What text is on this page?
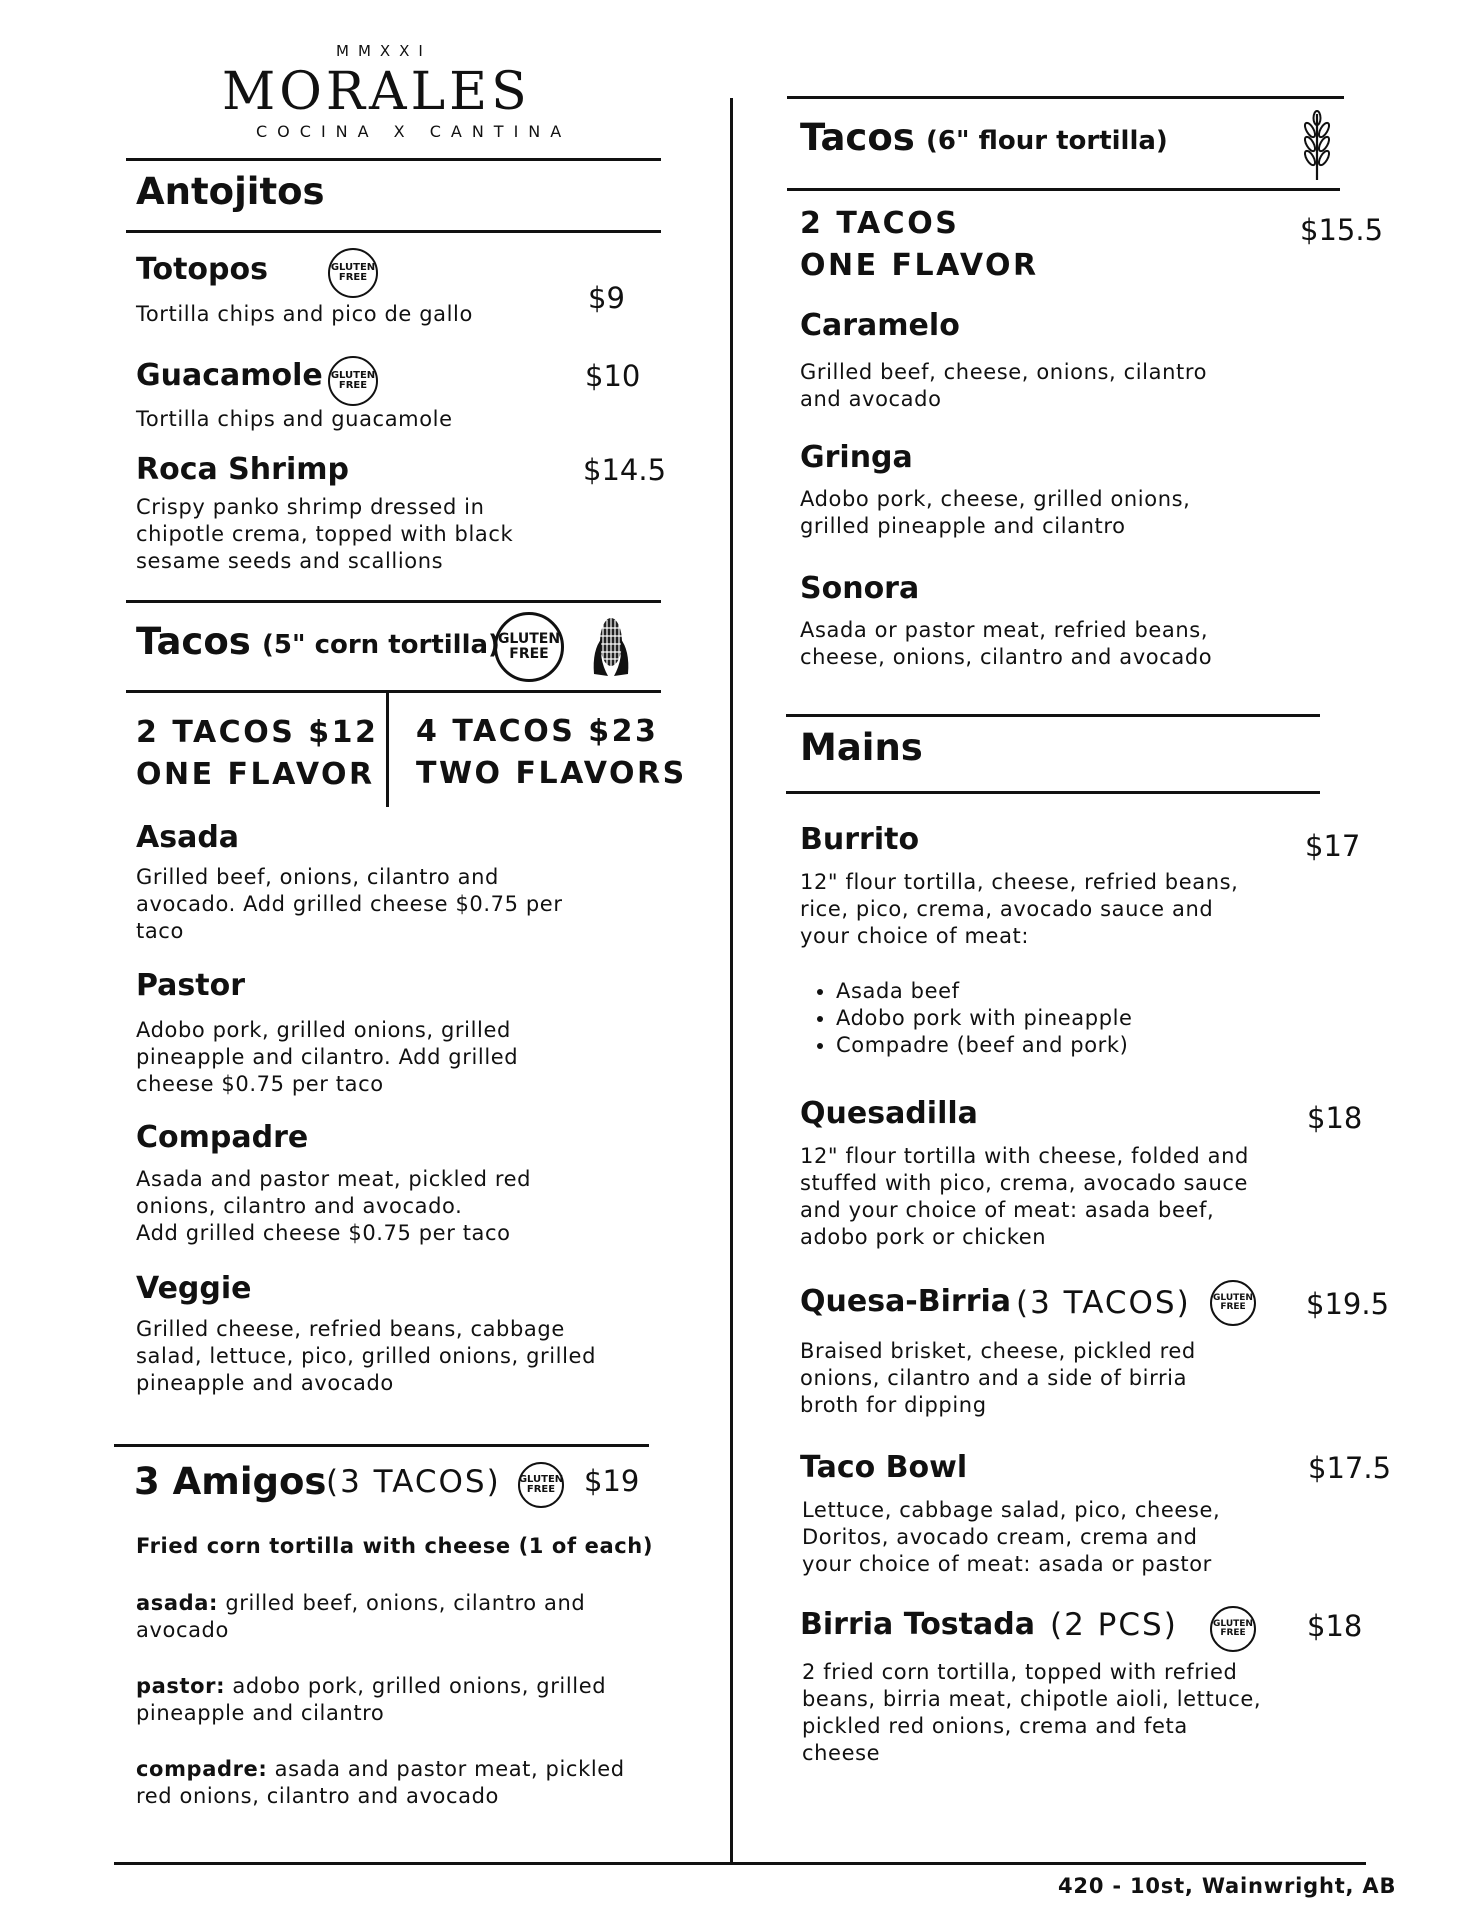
MMXXI
MORALES
COCINA X CANTINA
Antojitos
Totopos	GLUTEN FREE
$9
Tortilla chips and pico de gallo
Guacamole GLUTEN FREE	$10
Tortilla chips and guacamole
Roca Shrimp	$14.5
Crispy panko shrimp dressed in chipotle crema, topped with black sesame seeds and scallions
Tacos (5" corn tortilla)
GLUTEN FREE
2 TACOS $12
ONE FLAVOR
4 TACOS $23
TWO FLAVORS
Asada
Grilled beef, onions, cilantro and avocado. Add grilled cheese $0.75 per taco
Pastor
Adobo pork, grilled onions, grilled pineapple and cilantro. Add grilled cheese $0.75 per taco
Compadre
Asada and pastor meat, pickled red onions, cilantro and avocado.
Add grilled cheese $0.75 per taco
Veggie
Grilled cheese, refried beans, cabbage salad, lettuce, pico, grilled onions, grilled pineapple and avocado
3 Amigos (3 TACOS) GLUTEN FREE $19
Fried corn tortilla with cheese (1 of each)
asada: grilled beef, onions, cilantro and avocado
pastor: adobo pork, grilled onions, grilled pineapple and cilantro
compadre: asada and pastor meat, pickled red onions, cilantro and avocado
Tacos (6" flour tortilla)
2 TACOS
ONE FLAVOR
$15.5
Caramelo
Grilled beef, cheese, onions, cilantro and avocado
Gringa
Adobo pork, cheese, grilled onions, grilled pineapple and cilantro
Sonora
Asada or pastor meat, refried beans, cheese, onions, cilantro and avocado
Mains
Burrito	$17
12" flour tortilla, cheese, refried beans, rice, pico, crema, avocado sauce and your choice of meat:
• Asada beef
• Adobo pork with pineapple
• Compadre (beef and pork)
Quesadilla	$18
12" flour tortilla with cheese, folded and stuffed with pico, crema, avocado sauce and your choice of meat: asada beef, adobo pork or chicken
Quesa-Birria (3 TACOS) GLUTEN FREE $19.5
Braised brisket, cheese, pickled red onions, cilantro and a side of birria broth for dipping
Taco Bowl	$17.5
Lettuce, cabbage salad, pico, cheese, Doritos, avocado cream, crema and your choice of meat: asada or pastor
Birria Tostada (2 PCS)	GLUTEN FREE $18
2 fried corn tortilla, topped with refried beans, birria meat, chipotle aioli, lettuce, pickled red onions, crema and feta cheese
420 - 10st, Wainwright, AB
